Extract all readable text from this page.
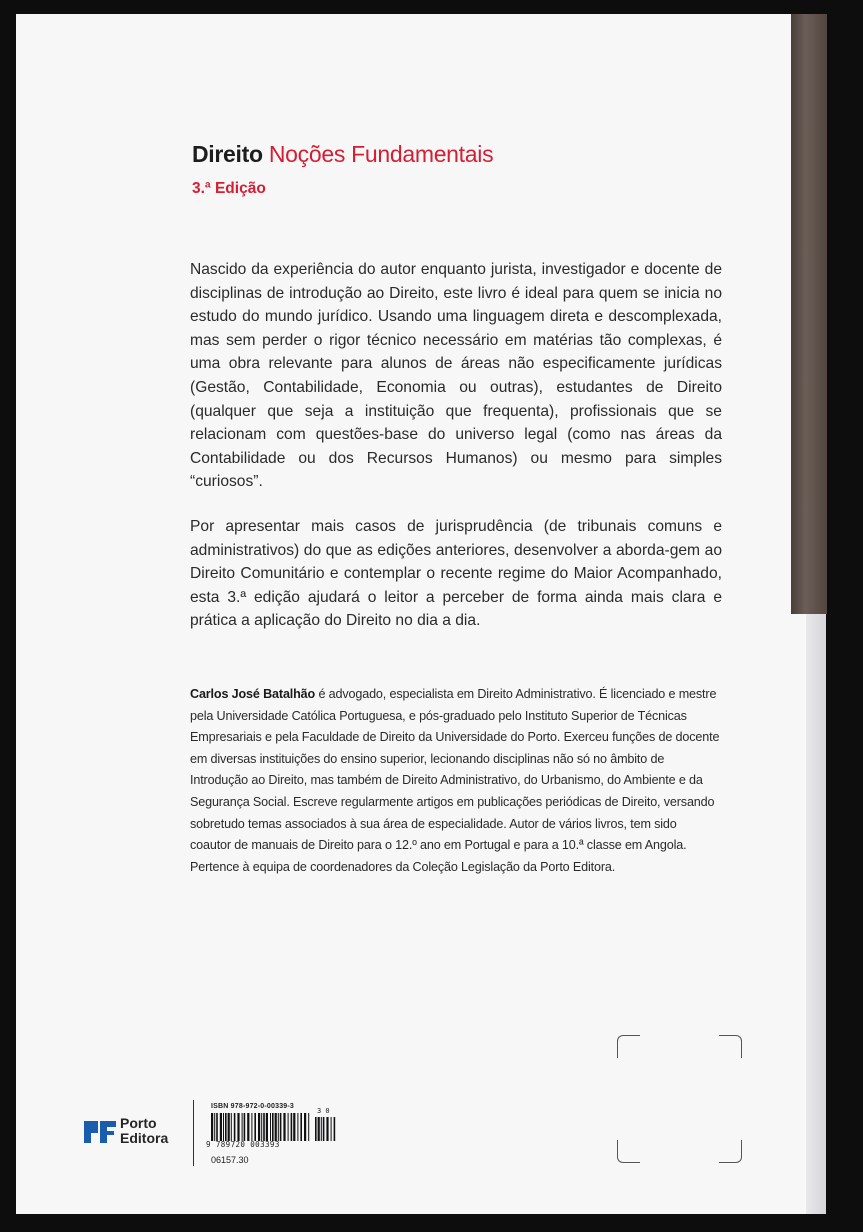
Direito Noções Fundamentais

3.ª Edição

Nascido da experiência do autor enquanto jurista, investigador e docente de disciplinas de introdução ao Direito, este livro é ideal para quem se inicia no estudo do mundo jurídico. Usando uma linguagem direta e descomplexada, mas sem perder o rigor técnico necessário em matérias tão complexas, é uma obra relevante para alunos de áreas não especificamente jurídicas (Gestão, Contabilidade, Economia ou outras), estudantes de Direito (qualquer que seja a instituição que frequenta), profissionais que se relacionam com questões-base do universo legal (como nas áreas da Contabilidade ou dos Recursos Humanos) ou mesmo para simples “curiosos”.

Por apresentar mais casos de jurisprudência (de tribunais comuns e administrativos) do que as edições anteriores, desenvolver a aborda-gem ao Direito Comunitário e contemplar o recente regime do Maior Acompanhado, esta 3.ª edição ajudará o leitor a perceber de forma ainda mais clara e prática a aplicação do Direito no dia a dia.

Carlos José Batalhão é advogado, especialista em Direito Administrativo. É licenciado e mestre pela Universidade Católica Portuguesa, e pós-graduado pelo Instituto Superior de Técnicas Empresariais e pela Faculdade de Direito da Universidade do Porto. Exerceu funções de docente em diversas instituições do ensino superior, lecionando disciplinas não só no âmbito de Introdução ao Direito, mas também de Direito Administrativo, do Urbanismo, do Ambiente e da Segurança Social. Escreve regularmente artigos em publicações periódicas de Direito, versando sobretudo temas associados à sua área de especialidade. Autor de vários livros, tem sido coautor de manuais de Direito para o 12.º ano em Portugal e para a 10.ª classe em Angola. Pertence à equipa de coordenadores da Coleção Legislação da Porto Editora.

Porto
Editora
ISBN 978-972-0-00339-3
3 0
9 789720 003393
06157.30
